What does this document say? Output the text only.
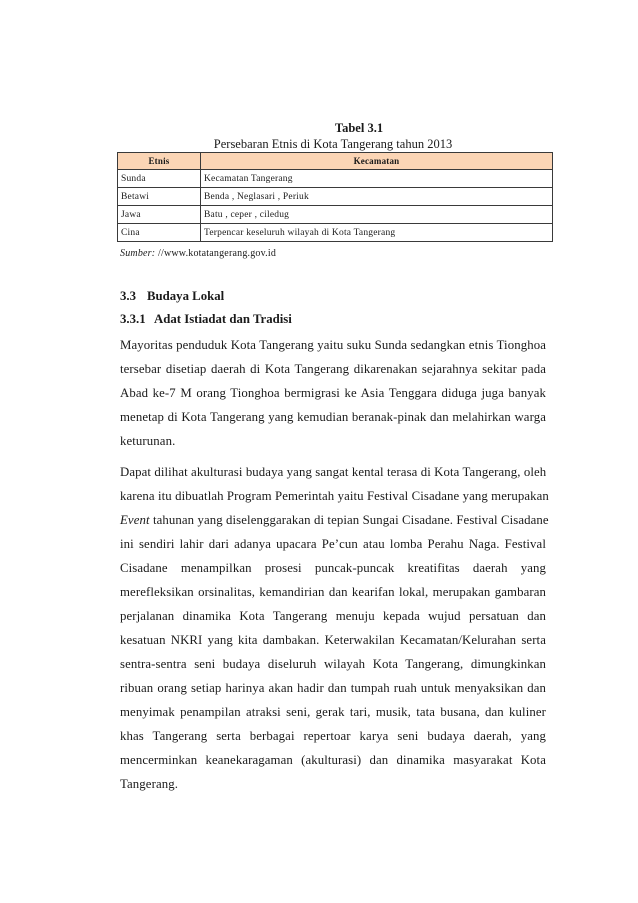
Tabel 3.1
Persebaran Etnis di Kota Tangerang tahun 2013
Etnis	Kecamatan
Sunda	Kecamatan Tangerang
Betawi	Benda , Neglasari , Periuk
Jawa	Batu , ceper , ciledug
Cina	Terpencar keseluruh wilayah di Kota Tangerang
Sumber: //www.kotatangerang.gov.id
3.3 Budaya Lokal
3.3.1 Adat Istiadat dan Tradisi
Mayoritas penduduk Kota Tangerang yaitu suku Sunda sedangkan etnis Tionghoa
tersebar disetiap daerah di Kota Tangerang dikarenakan sejarahnya sekitar pada
Abad ke-7 M orang Tionghoa bermigrasi ke Asia Tenggara diduga juga banyak
menetap di Kota Tangerang yang kemudian beranak-pinak dan melahirkan warga
keturunan.
Dapat dilihat akulturasi budaya yang sangat kental terasa di Kota Tangerang, oleh
karena itu dibuatlah Program Pemerintah yaitu Festival Cisadane yang merupakan
Event tahunan yang diselenggarakan di tepian Sungai Cisadane. Festival Cisadane
ini sendiri lahir dari adanya upacara Pe’cun atau lomba Perahu Naga. Festival
Cisadane menampilkan prosesi puncak-puncak kreatifitas daerah yang
merefleksikan orsinalitas, kemandirian dan kearifan lokal, merupakan gambaran
perjalanan dinamika Kota Tangerang menuju kepada wujud persatuan dan
kesatuan NKRI yang kita dambakan. Keterwakilan Kecamatan/Kelurahan serta
sentra-sentra seni budaya diseluruh wilayah Kota Tangerang, dimungkinkan
ribuan orang setiap harinya akan hadir dan tumpah ruah untuk menyaksikan dan
menyimak penampilan atraksi seni, gerak tari, musik, tata busana, dan kuliner
khas Tangerang serta berbagai repertoar karya seni budaya daerah, yang
mencerminkan keanekaragaman (akulturasi) dan dinamika masyarakat Kota
Tangerang.
